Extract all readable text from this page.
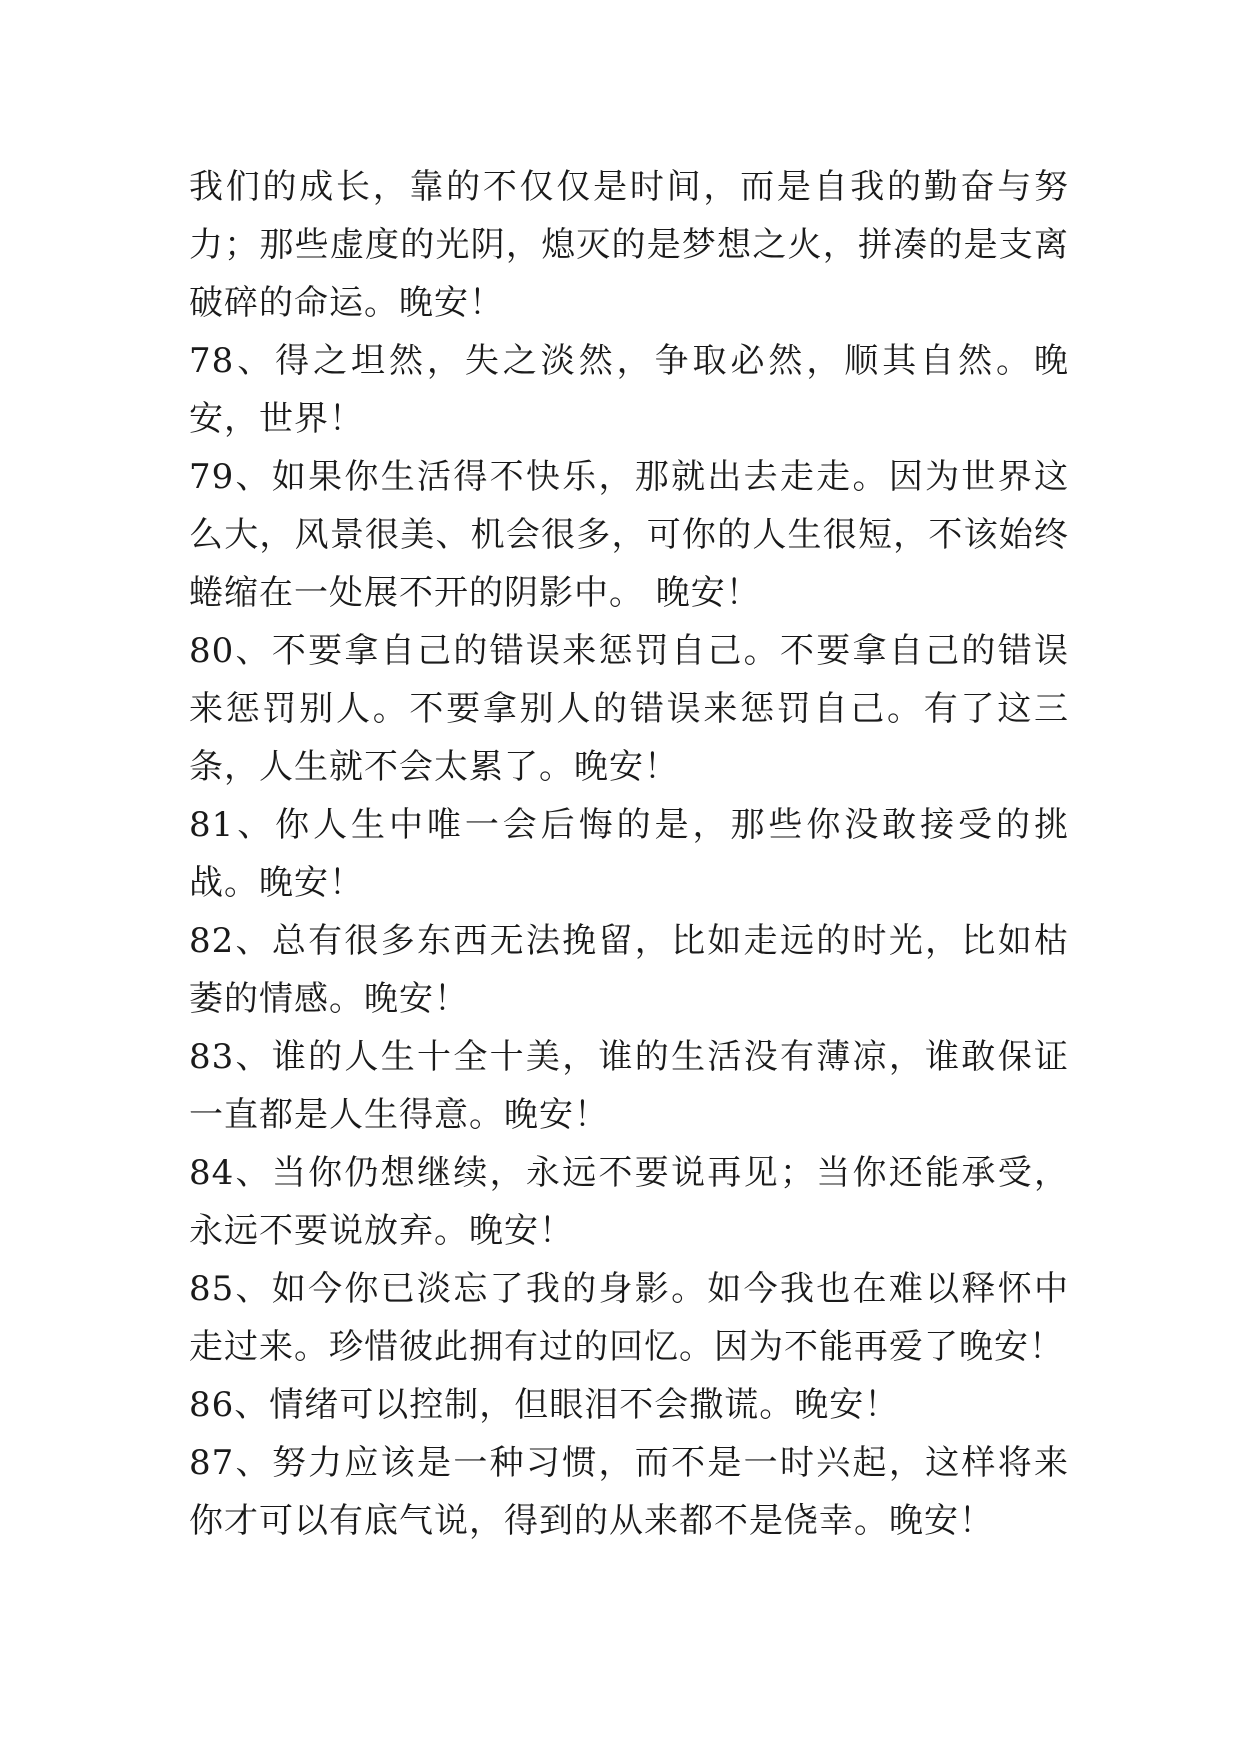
我们的成长，靠的不仅仅是时间，而是自我的勤奋与努力；那些虚度的光阴，熄灭的是梦想之火，拼凑的是支离破碎的命运。晚安！

78、得之坦然，失之淡然，争取必然，顺其自然。晚安，世界！

79、如果你生活得不快乐，那就出去走走。因为世界这么大，风景很美、机会很多，可你的人生很短，不该始终蜷缩在一处展不开的阴影中。 晚安！

80、不要拿自己的错误来惩罚自己。不要拿自己的错误来惩罚别人。不要拿别人的错误来惩罚自己。有了这三条，人生就不会太累了。晚安！

81、你人生中唯一会后悔的是，那些你没敢接受的挑战。晚安！

82、总有很多东西无法挽留，比如走远的时光，比如枯萎的情感。晚安！

83、谁的人生十全十美，谁的生活没有薄凉，谁敢保证一直都是人生得意。晚安！

84、当你仍想继续，永远不要说再见；当你还能承受，永远不要说放弃。晚安！

85、如今你已淡忘了我的身影。如今我也在难以释怀中走过来。珍惜彼此拥有过的回忆。因为不能再爱了晚安！

86、情绪可以控制，但眼泪不会撒谎。晚安！

87、努力应该是一种习惯，而不是一时兴起，这样将来你才可以有底气说，得到的从来都不是侥幸。晚安！
